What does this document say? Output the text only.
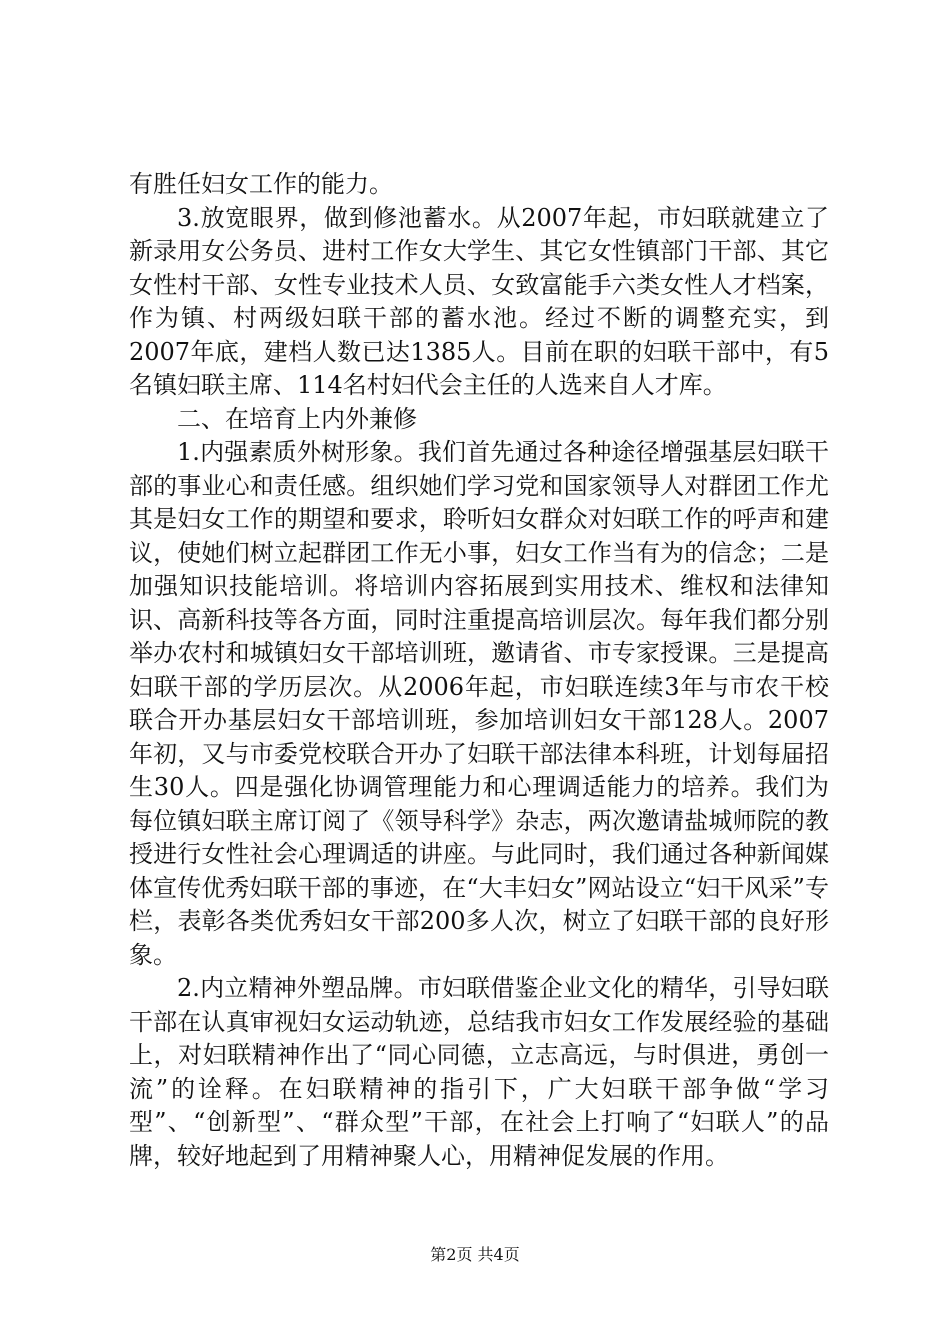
有胜任妇女工作的能力。

3.放宽眼界，做到修池蓄水。从2007年起，市妇联就建立了新录用女公务员、进村工作女大学生、其它女性镇部门干部、其它女性村干部、女性专业技术人员、女致富能手六类女性人才档案，作为镇、村两级妇联干部的蓄水池。经过不断的调整充实，到2007年底，建档人数已达1385人。目前在职的妇联干部中，有5名镇妇联主席、114名村妇代会主任的人选来自人才库。

二、在培育上内外兼修

1.内强素质外树形象。我们首先通过各种途径增强基层妇联干部的事业心和责任感。组织她们学习党和国家领导人对群团工作尤其是妇女工作的期望和要求，聆听妇女群众对妇联工作的呼声和建议，使她们树立起群团工作无小事，妇女工作当有为的信念；二是加强知识技能培训。将培训内容拓展到实用技术、维权和法律知识、高新科技等各方面，同时注重提高培训层次。每年我们都分别举办农村和城镇妇女干部培训班，邀请省、市专家授课。三是提高妇联干部的学历层次。从2006年起，市妇联连续3年与市农干校联合开办基层妇女干部培训班，参加培训妇女干部128人。2007年初，又与市委党校联合开办了妇联干部法律本科班，计划每届招生30人。四是强化协调管理能力和心理调适能力的培养。我们为每位镇妇联主席订阅了《领导科学》杂志，两次邀请盐城师院的教授进行女性社会心理调适的讲座。与此同时，我们通过各种新闻媒体宣传优秀妇联干部的事迹，在“大丰妇女”网站设立“妇干风采”专栏，表彰各类优秀妇女干部200多人次，树立了妇联干部的良好形象。

2.内立精神外塑品牌。市妇联借鉴企业文化的精华，引导妇联干部在认真审视妇女运动轨迹，总结我市妇女工作发展经验的基础上，对妇联精神作出了“同心同德，立志高远，与时俱进，勇创一流”的诠释。在妇联精神的指引下，广大妇联干部争做“学习型”、“创新型”、“群众型”干部，在社会上打响了“妇联人”的品牌，较好地起到了用精神聚人心，用精神促发展的作用。

第2页 共4页
